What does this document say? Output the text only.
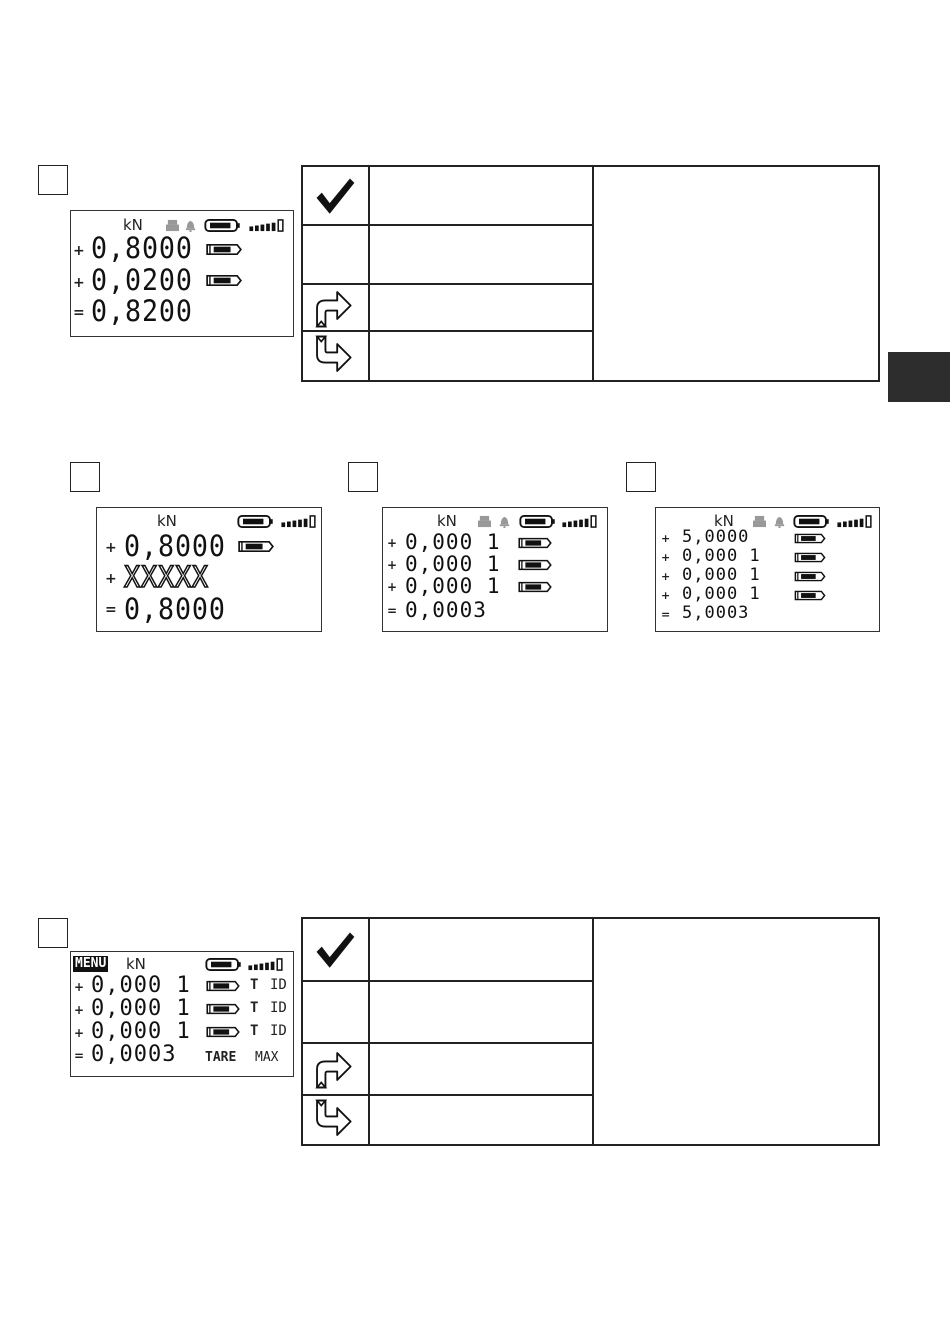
kN
+ 0,8000
+ 0,0200
= 0,8200
kN
+ 0,8000
+ XXXXX
= 0,8000
kN
+ 0,000 1
+ 0,000 1
+ 0,000 1
= 0,0003
kN
+ 5,0000
+ 0,000 1
+ 0,000 1
+ 0,000 1
= 5,0003
MENU kN
+ 0,000 1	T ID
+ 0,000 1	T ID
+ 0,000 1	T ID
= 0,0003 TARE MAX
